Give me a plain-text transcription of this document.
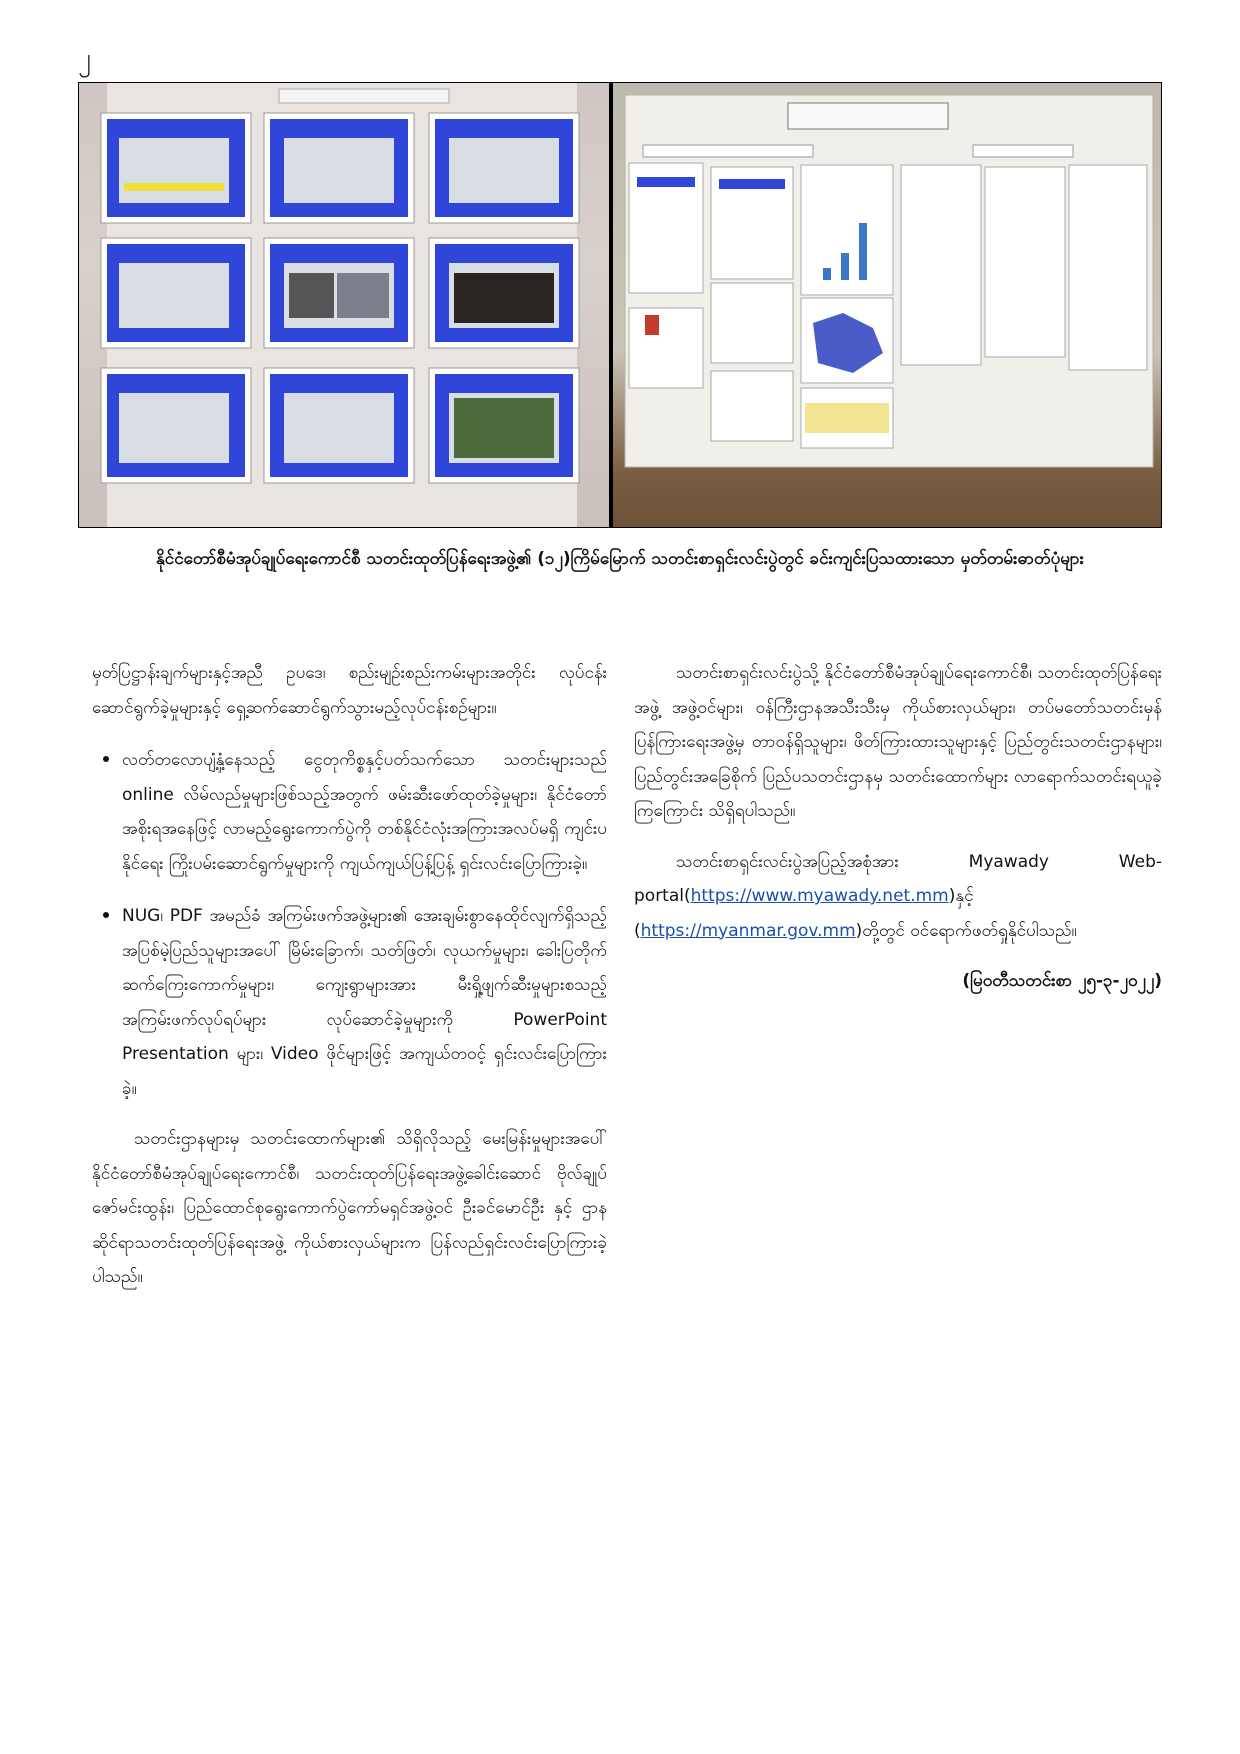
၂
နိုင်ငံတော်စီမံအုပ်ချုပ်ရေးကောင်စီ သတင်းထုတ်ပြန်ရေးအဖွဲ့၏ (၁၂)ကြိမ်မြောက် သတင်းစာရှင်းလင်းပွဲတွင် ခင်းကျင်းပြသထားသော မှတ်တမ်းဓာတ်ပုံများ

မှတ်ပြဋ္ဌာန်းချက်များနှင့်အညီ ဥပဒေ၊ စည်းမျဉ်းစည်းကမ်းများအတိုင်း လုပ်ငန်းဆောင်ရွက်ခဲ့မှုများနှင့် ရှေ့ဆက်ဆောင်ရွက်သွားမည့်လုပ်ငန်းစဉ်များ။

• လတ်တလောပျံ့နှံ့နေသည့် ငွေတုကိစ္စနှင့်ပတ်သက်သော သတင်းများသည် online လိမ်လည်မှုများဖြစ်သည့်အတွက် ဖမ်းဆီးဖော်ထုတ်ခဲ့မှုများ၊ နိုင်ငံတော်အစိုးရအနေဖြင့် လာမည့်ရွေးကောက်ပွဲကို တစ်နိုင်ငံလုံးအကြားအလပ်မရှိ ကျင်းပနိုင်ရေး ကြိုးပမ်းဆောင်ရွက်မှုများကို ကျယ်ကျယ်ပြန့်ပြန့် ရှင်းလင်းပြောကြားခဲ့။
• NUG၊ PDF အမည်ခံ အကြမ်းဖက်အဖွဲ့များ၏ အေးချမ်းစွာနေထိုင်လျက်ရှိသည့် အပြစ်မဲ့ပြည်သူများအပေါ် မြိမ်းခြောက်၊ သတ်ဖြတ်၊ လုယက်မှုများ၊ ခေါးပြတိုက်ဆက်ကြေးကောက်မှုများ၊ ကျေးရွာများအား မီးရှို့ဖျက်ဆီးမှုများစသည့် အကြမ်းဖက်လုပ်ရပ်များ လုပ်ဆောင်ခဲ့မှုများကို PowerPoint Presentation များ၊ Video ဖိုင်များဖြင့် အကျယ်တဝင့် ရှင်းလင်းပြောကြားခဲ့။

သတင်းဌာနများမှ သတင်းထောက်များ၏ သိရှိလိုသည့် မေးမြန်းမှုများအပေါ် နိုင်ငံတော်စီမံအုပ်ချုပ်ရေးကောင်စီ၊ သတင်းထုတ်ပြန်ရေးအဖွဲ့ခေါင်းဆောင် ဗိုလ်ချုပ်ဇော်မင်းထွန်း၊ ပြည်ထောင်စုရွေးကောက်ပွဲကော်မရှင်အဖွဲ့ဝင် ဦးခင်မောင်ဦး နှင့် ဌာနဆိုင်ရာသတင်းထုတ်ပြန်ရေးအဖွဲ့ ကိုယ်စားလှယ်များက ပြန်လည်ရှင်းလင်းပြောကြားခဲ့ပါသည်။

သတင်းစာရှင်းလင်းပွဲသို့ နိုင်ငံတော်စီမံအုပ်ချုပ်ရေးကောင်စီ၊ သတင်းထုတ်ပြန်ရေးအဖွဲ့ အဖွဲ့ဝင်များ၊ ဝန်ကြီးဌာနအသီးသီးမှ ကိုယ်စားလှယ်များ၊ တပ်မတော်သတင်းမှန်ပြန်ကြားရေးအဖွဲ့မှ တာဝန်ရှိသူများ၊ ဖိတ်ကြားထားသူများနှင့် ပြည်တွင်းသတင်းဌာနများ၊ ပြည်တွင်းအခြေစိုက် ပြည်ပသတင်းဌာနမှ သတင်းထောက်များ လာရောက်သတင်းရယူခဲ့ကြကြောင်း သိရှိရပါသည်။

သတင်းစာရှင်းလင်းပွဲအပြည့်အစုံအား Myawady Web-portal(https://www.myawady.net.mm)နှင့် (https://myanmar.gov.mm)တို့တွင် ဝင်ရောက်ဖတ်ရှုနိုင်ပါသည်။

(မြဝတီသတင်းစာ ၂၅-၃-၂၀၂၂)
